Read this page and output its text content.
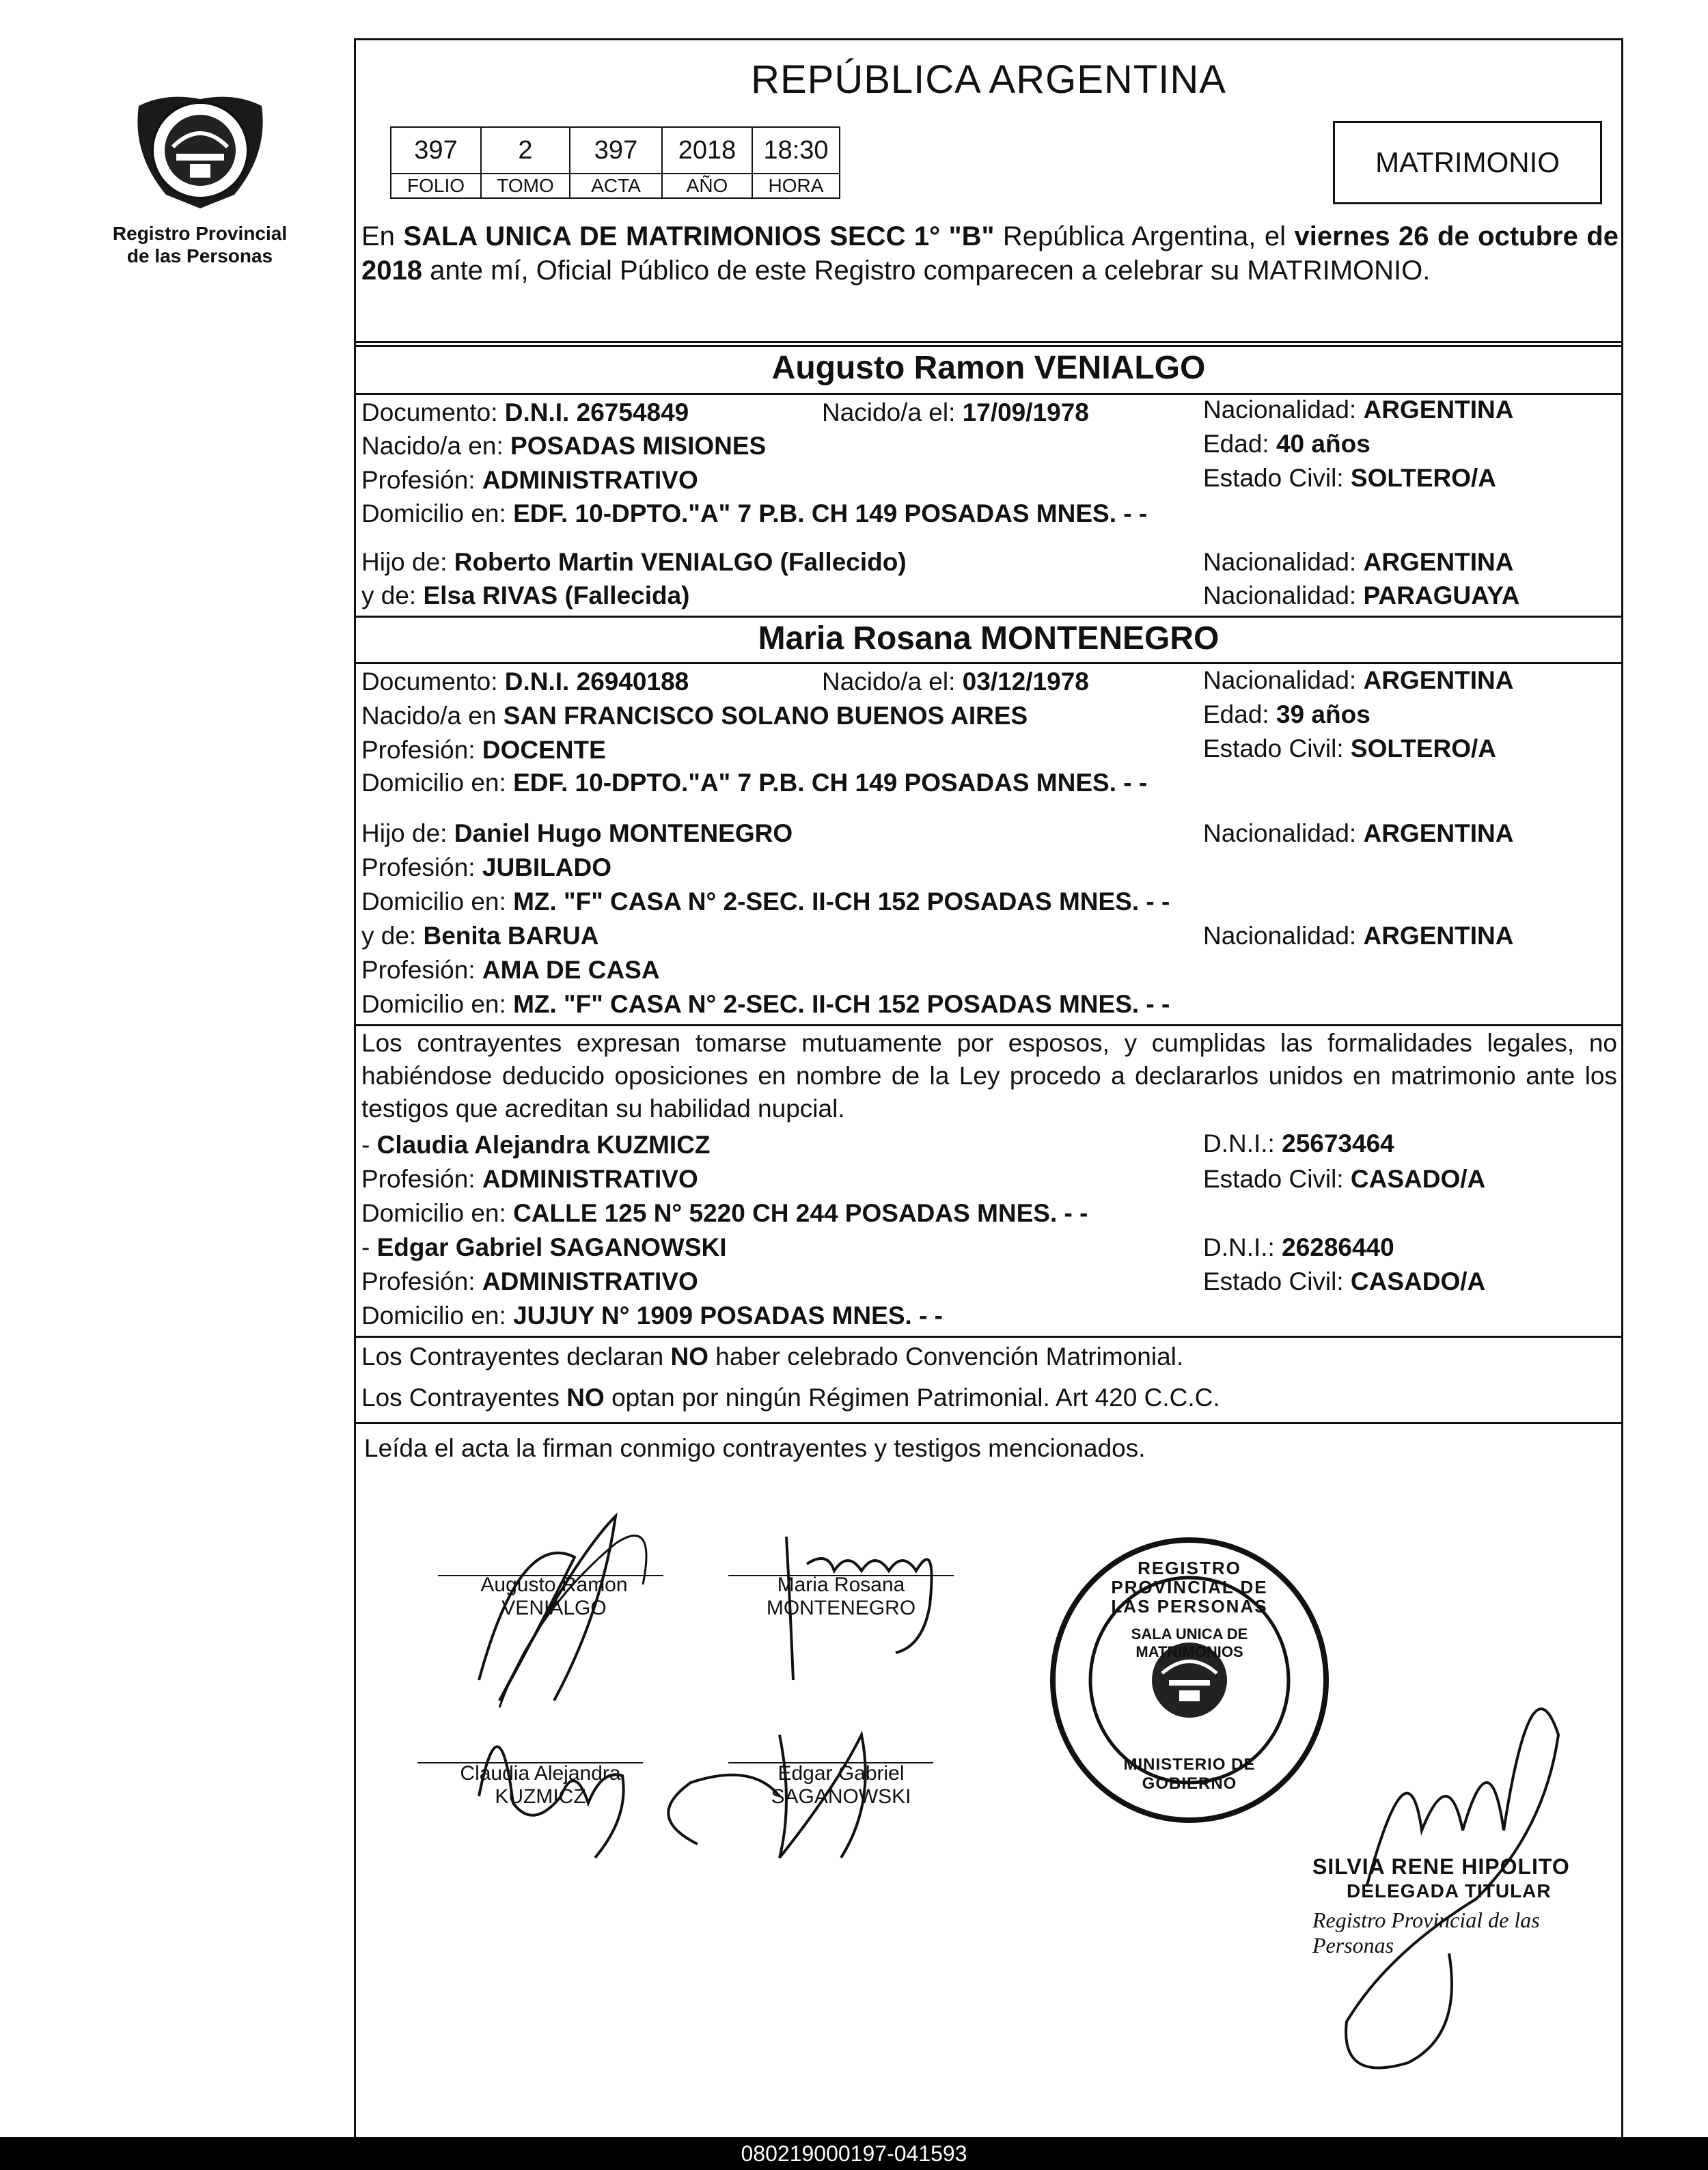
Registro Provincial
de las Personas
REPÚBLICA ARGENTINA
397	2	397	2018	18:30
FOLIO	TOMO	ACTA	AÑO	HORA
MATRIMONIO
En SALA UNICA DE MATRIMONIOS SECC 1° "B" República Argentina, el viernes 26 de octubre de 2018 ante mí, Oficial Público de este Registro comparecen a celebrar su MATRIMONIO.
Augusto Ramon VENIALGO
Documento: D.N.I. 26754849	Nacido/a el: 17/09/1978	Nacionalidad: ARGENTINA
Nacido/a en: POSADAS MISIONES	Edad: 40 años
Profesión: ADMINISTRATIVO	Estado Civil: SOLTERO/A
Domicilio en: EDF. 10-DPTO."A" 7 P.B. CH 149 POSADAS MNES. - -
Hijo de: Roberto Martin VENIALGO (Fallecido)	Nacionalidad: ARGENTINA
y de: Elsa RIVAS (Fallecida)	Nacionalidad: PARAGUAYA
Maria Rosana MONTENEGRO
Documento: D.N.I. 26940188	Nacido/a el: 03/12/1978	Nacionalidad: ARGENTINA
Nacido/a en SAN FRANCISCO SOLANO BUENOS AIRES	Edad: 39 años
Profesión: DOCENTE	Estado Civil: SOLTERO/A
Domicilio en: EDF. 10-DPTO."A" 7 P.B. CH 149 POSADAS MNES. - -
Hijo de: Daniel Hugo MONTENEGRO	Nacionalidad: ARGENTINA
Profesión: JUBILADO
Domicilio en: MZ. "F" CASA N° 2-SEC. II-CH 152 POSADAS MNES. - -
y de: Benita BARUA	Nacionalidad: ARGENTINA
Profesión: AMA DE CASA
Domicilio en: MZ. "F" CASA N° 2-SEC. II-CH 152 POSADAS MNES. - -
Los contrayentes expresan tomarse mutuamente por esposos, y cumplidas las formalidades legales, no habiéndose deducido oposiciones en nombre de la Ley procedo a declararlos unidos en matrimonio ante los testigos que acreditan su habilidad nupcial.
- Claudia Alejandra KUZMICZ	D.N.I.: 25673464
Profesión: ADMINISTRATIVO	Estado Civil: CASADO/A
Domicilio en: CALLE 125 N° 5220 CH 244 POSADAS MNES. - -
- Edgar Gabriel SAGANOWSKI	D.N.I.: 26286440
Profesión: ADMINISTRATIVO	Estado Civil: CASADO/A
Domicilio en: JUJUY N° 1909 POSADAS MNES. - -
Los Contrayentes declaran NO haber celebrado Convención Matrimonial.
Los Contrayentes NO optan por ningún Régimen Patrimonial. Art 420 C.C.C.
Leída el acta la firman conmigo contrayentes y testigos mencionados.
Augusto Ramon
VENIALGO
Maria Rosana
MONTENEGRO
Claudia Alejandra
KUZMICZ
Edgar Gabriel
SAGANOWSKI
REGISTRO PROVINCIAL DE LAS PERSONAS
SALA UNICA DE MATRIMONIOS
MINISTERIO DE GOBIERNO
SILVIA RENE HIPOLITO
DELEGADA TITULAR
Registro Provincial de las Personas
080219000197-041593
